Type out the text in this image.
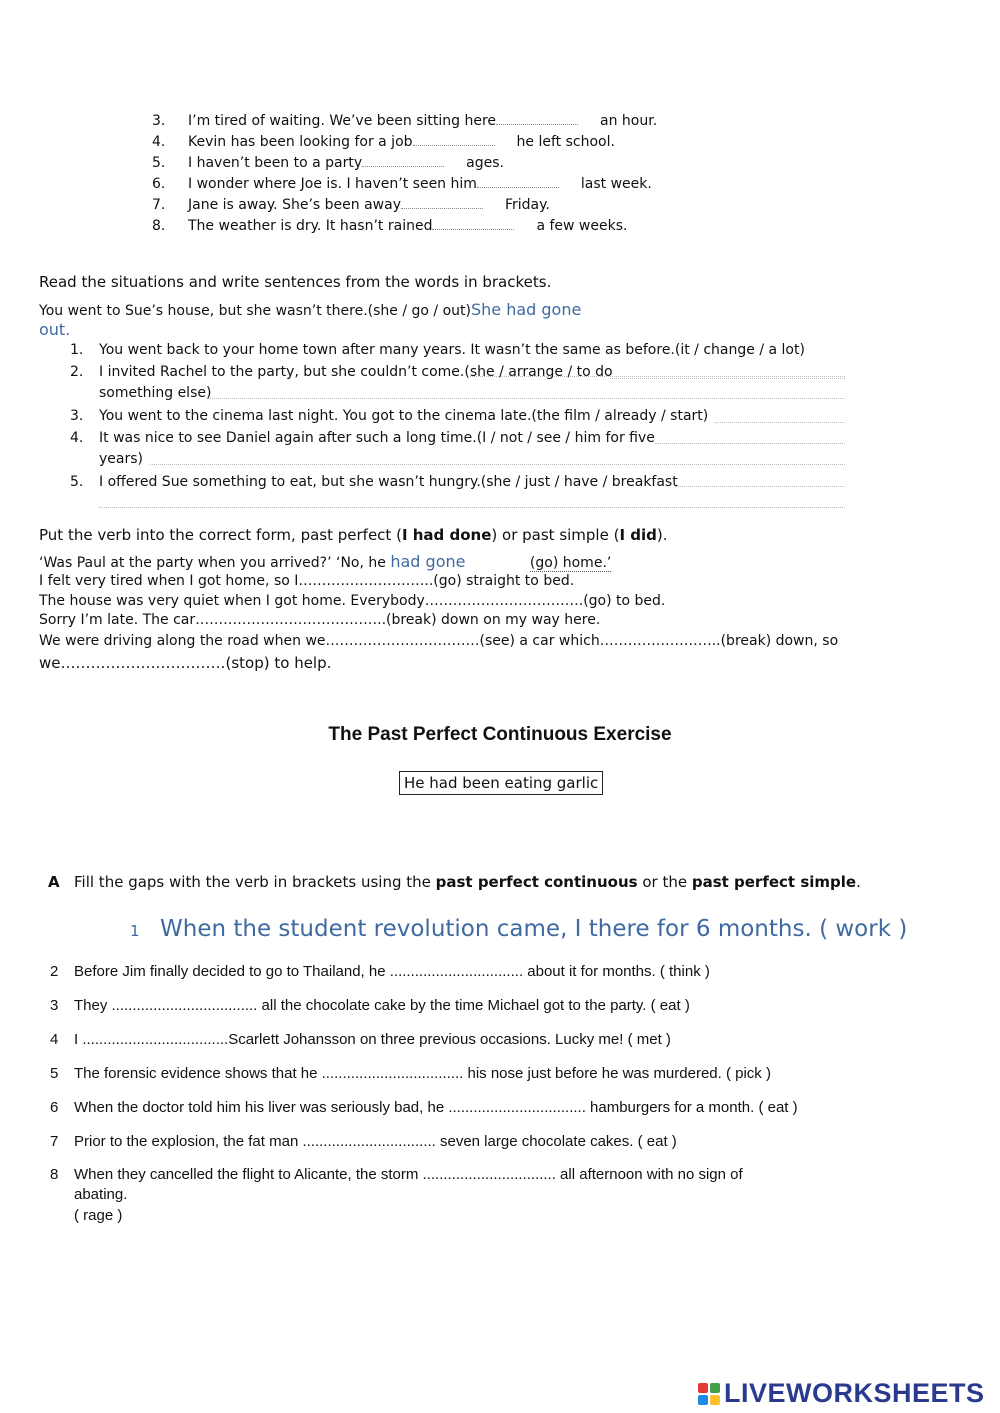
3. I’m tired of waiting. We’ve been sitting here	an hour.
4. Kevin has been looking for a job	he left school.
5. I haven’t been to a party	ages.
6. I wonder where Joe is. I haven’t seen him	last week.
7. Jane is away. She’s been away	Friday.
8. The weather is dry. It hasn’t rained	a few weeks.
Read the situations and write sentences from the words in brackets.
You went to Sue’s house, but she wasn’t there.(she / go / out)She had gone
out.
1. You went back to your home town after many years. It wasn’t the same as before.(it / change / a lot)
2. I invited Rachel to the party, but she couldn’t come.(she / arrange / to do
something else)
3. You went to the cinema last night. You got to the cinema late.(the film / already / start)
4. It was nice to see Daniel again after such a long time.(I / not / see / him for five
years)
5. I offered Sue something to eat, but she wasn’t hungry.(she / just / have / breakfast
Put the verb into the correct form, past perfect (I had done) or past simple (I did).
‘Was Paul at the party when you arrived?’ ‘No, he had gone	(go) home.’
I felt very tired when I got home, so I………………………..(go) straight to bed.
The house was very quiet when I got home. Everybody…………………………….(go) to bed.
Sorry I’m late. The car…………………………………..(break) down on my way here.
We were driving along the road when we……………………………(see) a car which……………………..(break) down, so
we……………………………(stop) to help.
The Past Perfect Continuous Exercise
He had been eating garlic
A Fill the gaps with the verb in brackets using the past perfect continuous or the past perfect simple.
1 When the student revolution came, I there for 6 months. ( work )
2 Before Jim finally decided to go to Thailand, he ................................ about it for months. ( think )
3 They ................................... all the chocolate cake by the time Michael got to the party. ( eat )
4 I ...................................Scarlett Johansson on three previous occasions. Lucky me! ( met )
5 The forensic evidence shows that he .................................. his nose just before he was murdered. ( pick )
6 When the doctor told him his liver was seriously bad, he ................................. hamburgers for a month. ( eat )
7 Prior to the explosion, the fat man ................................ seven large chocolate cakes. ( eat )
8 When they cancelled the flight to Alicante, the storm ................................ all afternoon with no sign of
abating.
( rage )
LIVEWORKSHEETS
